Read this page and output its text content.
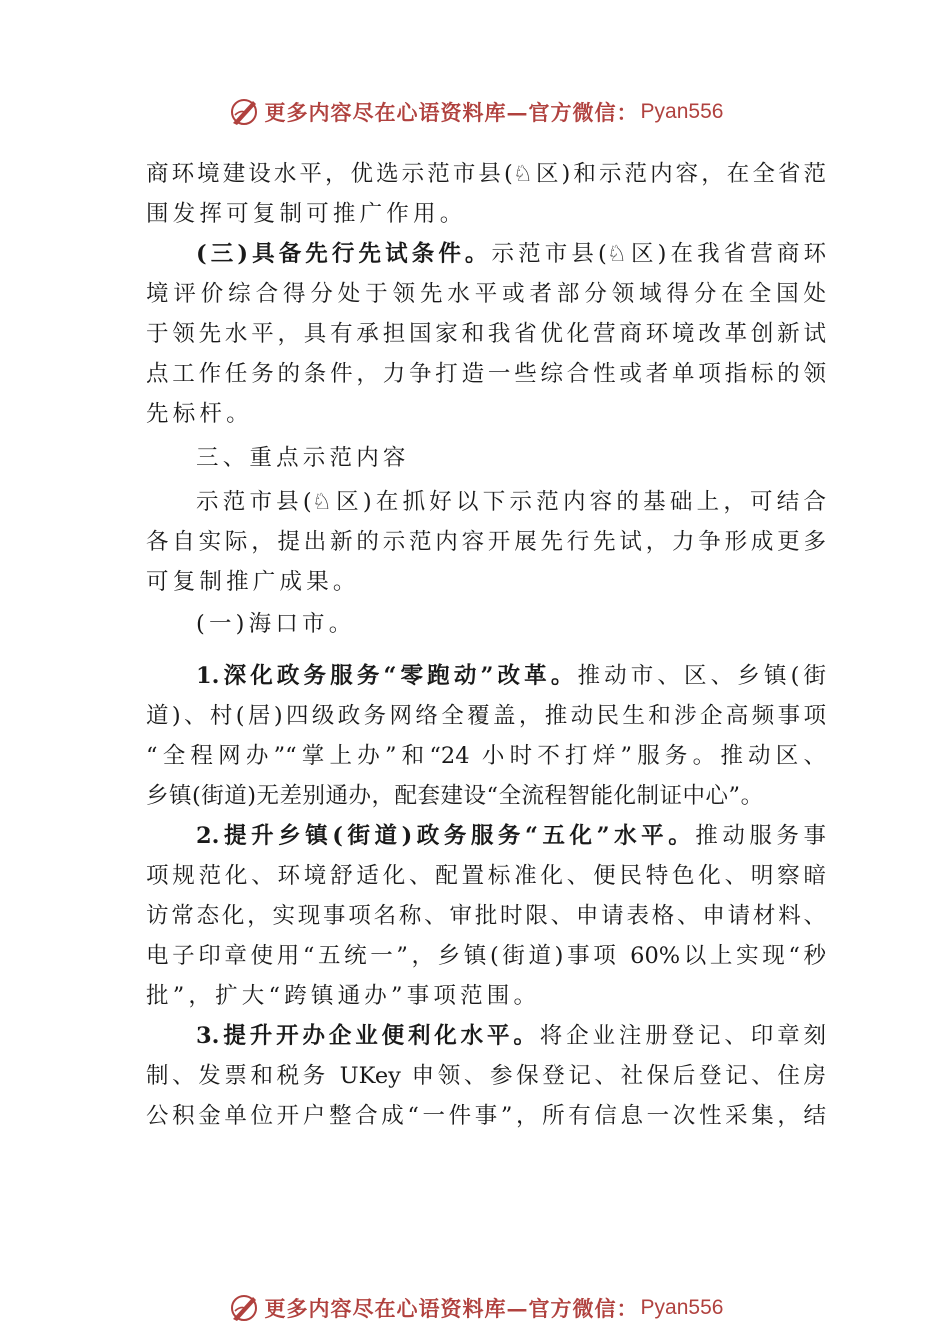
更多内容尽在心语资料库—官方微信： Pyan556
商环境建设水平，优选示范市县(♘区)和示范内容，在全省范
围发挥可复制可推广作用。
(三)具备先行先试条件。示范市县(♘区)在我省营商环
境评价综合得分处于领先水平或者部分领域得分在全国处
于领先水平，具有承担国家和我省优化营商环境改革创新试
点工作任务的条件，力争打造一些综合性或者单项指标的领
先标杆。
三、重点示范内容
示范市县(♘区)在抓好以下示范内容的基础上，可结合
各自实际，提出新的示范内容开展先行先试，力争形成更多
可复制推广成果。
(一)海口市。
1.深化政务服务“零跑动”改革。推动市、区、乡镇(街
道)、村(居)四级政务网络全覆盖，推动民生和涉企高频事项
“全程网办”“掌上办”和“24 小时不打烊”服务。推动区、
乡镇(街道)无差别通办，配套建设“全流程智能化制证中心”。
2.提升乡镇(街道)政务服务“五化”水平。推动服务事
项规范化、环境舒适化、配置标准化、便民特色化、明察暗
访常态化，实现事项名称、审批时限、申请表格、申请材料、
电子印章使用“五统一”，乡镇(街道)事项 60%以上实现“秒
批”，扩大“跨镇通办”事项范围。
3.提升开办企业便利化水平。将企业注册登记、印章刻
制、发票和税务 UKey 申领、参保登记、社保后登记、住房
公积金单位开户整合成“一件事”，所有信息一次性采集，结
更多内容尽在心语资料库—官方微信： Pyan556
